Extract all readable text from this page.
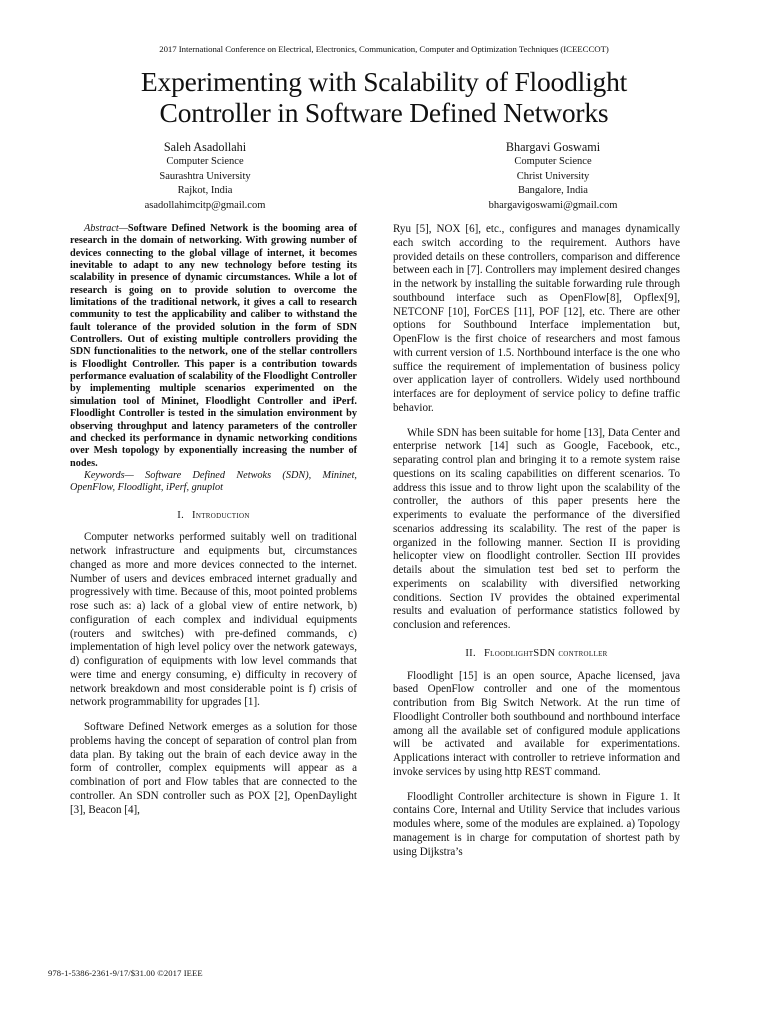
2017 International Conference on Electrical, Electronics, Communication, Computer and Optimization Techniques (ICEECCOT)
Experimenting with Scalability of Floodlight
Controller in Software Defined Networks
Saleh Asadollahi
Computer Science
Saurashtra University
Rajkot, India
asadollahimcitp@gmail.com
Bhargavi Goswami
Computer Science
Christ University
Bangalore, India
bhargavigoswami@gmail.com

Abstract—Software Defined Network is the booming area of research in the domain of networking. With growing number of devices connecting to the global village of internet, it becomes inevitable to adapt to any new technology before testing its scalability in presence of dynamic circumstances. While a lot of research is going on to provide solution to overcome the limitations of the traditional network, it gives a call to research community to test the applicability and caliber to withstand the fault tolerance of the provided solution in the form of SDN Controllers. Out of existing multiple controllers providing the SDN functionalities to the network, one of the stellar controllers is Floodlight Controller. This paper is a contribution towards performance evaluation of scalability of the Floodlight Controller by implementing multiple scenarios experimented on the simulation tool of Mininet, Floodlight Controller and iPerf. Floodlight Controller is tested in the simulation environment by observing throughput and latency parameters of the controller and checked its performance in dynamic networking conditions over Mesh topology by exponentially increasing the number of nodes.

Keywords— Software Defined Netwoks (SDN), Mininet, OpenFlow, Floodlight, iPerf, gnuplot

I. Introduction

Computer networks performed suitably well on traditional network infrastructure and equipments but, circumstances changed as more and more devices connected to the internet. Number of users and devices embraced internet gradually and progressively with time. Because of this, moot pointed problems rose such as: a) lack of a global view of entire network, b) configuration of each complex and individual equipments (routers and switches) with pre-defined commands, c) implementation of high level policy over the network gateways, d) configuration of equipments with low level commands that were time and energy consuming, e) difficulty in recovery of network breakdown and most considerable point is f) crisis of network programmability for upgrades [1].

Software Defined Network emerges as a solution for those problems having the concept of separation of control plan from data plan. By taking out the brain of each device away in the form of controller, complex equipments will appear as a combination of port and Flow tables that are connected to the controller. An SDN controller such as POX [2], OpenDaylight [3], Beacon [4],

Ryu [5], NOX [6], etc., configures and manages dynamically each switch according to the requirement. Authors have provided details on these controllers, comparison and difference between each in [7]. Controllers may implement desired changes in the network by installing the suitable forwarding rule through southbound interface such as OpenFlow[8], Opflex[9], NETCONF [10], ForCES [11], POF [12], etc. There are other options for Southbound Interface implementation but, OpenFlow is the first choice of researchers and most famous with current version of 1.5. Northbound interface is the one who suffice the requirement of implementation of business policy over application layer of controllers. Widely used northbound interfaces are for deployment of service policy to define traffic behavior.

While SDN has been suitable for home [13], Data Center and enterprise network [14] such as Google, Facebook, etc., separating control plan and bringing it to a remote system raise questions on its scaling capabilities on different scenarios. To address this issue and to throw light upon the scalability of the controller, the authors of this paper presents here the experiments to evaluate the performance of the diversified scenarios addressing its scalability. The rest of the paper is organized in the following manner. Section II is providing helicopter view on floodlight controller. Section III provides details about the simulation test bed set to perform the experiments on scalability with diversified networking conditions. Section IV provides the obtained experimental results and evaluation of performance statistics followed by conclusion and references.

II. FloodlightSDN controller

Floodlight [15] is an open source, Apache licensed, java based OpenFlow controller and one of the momentous contribution from Big Switch Network. At the run time of Floodlight Controller both southbound and northbound interface among all the available set of configured module applications will be activated and available for experimentations. Applications interact with controller to retrieve information and invoke services by using http REST command.

Floodlight Controller architecture is shown in Figure 1. It contains Core, Internal and Utility Service that includes various modules where, some of the modules are explained. a) Topology management is in charge for computation of shortest path by using Dijkstra’s

978-1-5386-2361-9/17/$31.00 ©2017 IEEE
